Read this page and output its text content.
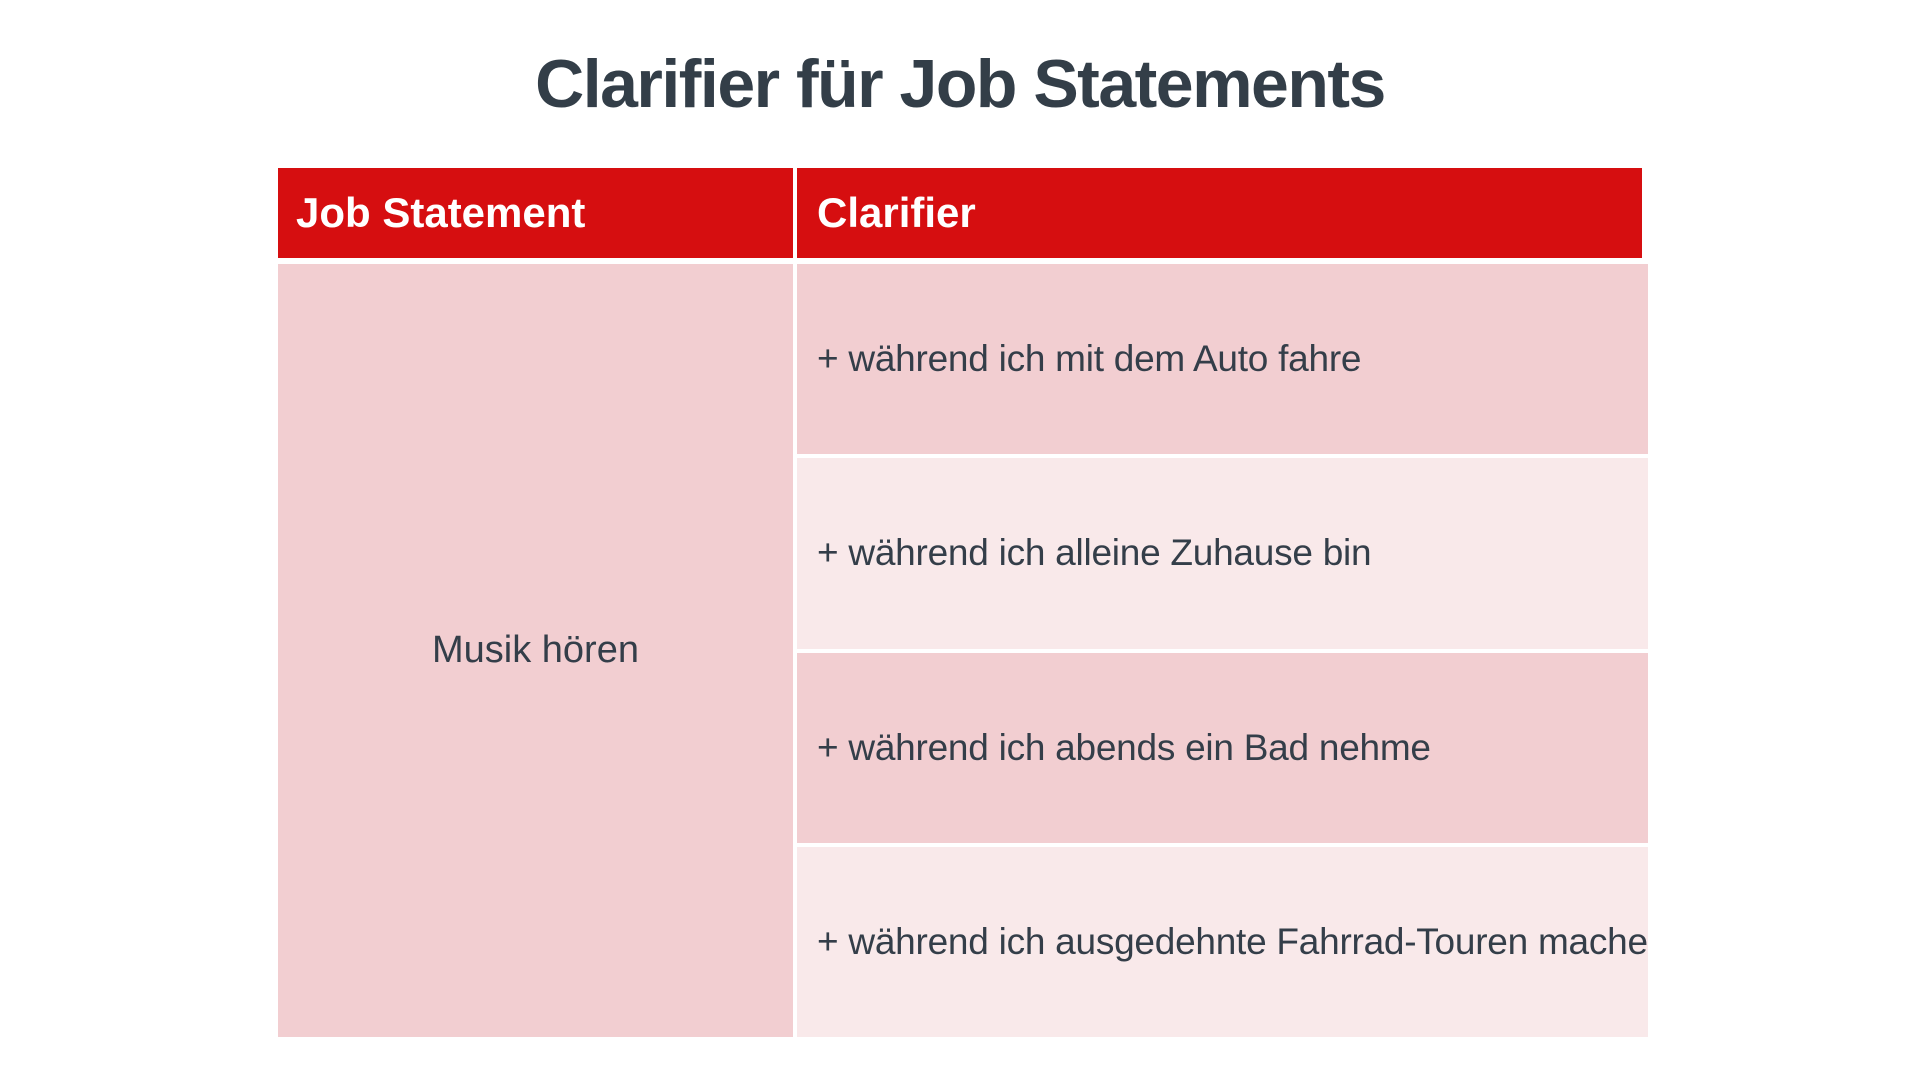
Clarifier für Job Statements
Job Statement	Clarifier
Musik hören
+ während ich mit dem Auto fahre
+ während ich alleine Zuhause bin
+ während ich abends ein Bad nehme
+ während ich ausgedehnte Fahrrad-Touren mache
